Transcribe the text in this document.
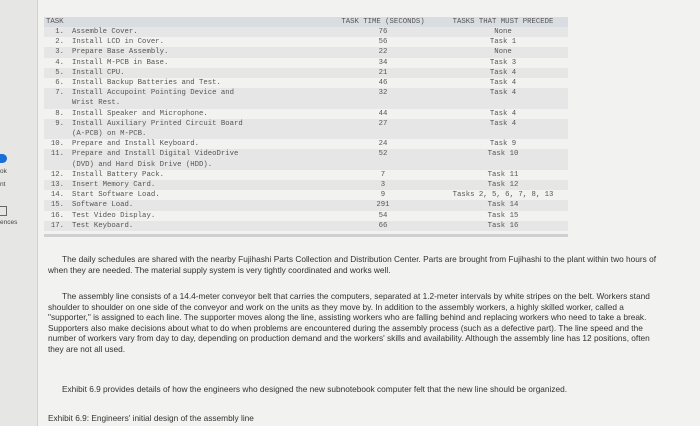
ok
nt
ences
TASK		TASK TIME (SECONDS)	TASKS THAT MUST PRECEDE
1.	Assemble Cover.	76	None
2.	Install LCD in Cover.	56	Task 1
3.	Prepare Base Assembly.	22	None
4.	Install M-PCB in Base.	34	Task 3
5.	Install CPU.	21	Task 4
6.	Install Backup Batteries and Test.	46	Task 4
7.	Install Accupoint Pointing Device and
Wrist Rest.	32	Task 4
8.	Install Speaker and Microphone.	44	Task 4
9.	Install Auxiliary Printed Circuit Board
(A-PCB) on M-PCB.	27	Task 4
10.	Prepare and Install Keyboard.	24	Task 9
11.	Prepare and Install Digital VideoDrive
(DVD) and Hard Disk Drive (HDD).	52	Task 10
12.	Install Battery Pack.	7	Task 11
13.	Insert Memory Card.	3	Task 12
14.	Start Software Load.	9	Tasks 2, 5, 6, 7, 8, 13
15.	Software Load.	291	Task 14
16.	Test Video Display.	54	Task 15
17.	Test Keyboard.	66	Task 16

The daily schedules are shared with the nearby Fujihashi Parts Collection and Distribution Center. Parts are brought from Fujihashi to the plant within two hours of when they are needed. The material supply system is very tightly coordinated and works well.

The assembly line consists of a 14.4-meter conveyor belt that carries the computers, separated at 1.2-meter intervals by white stripes on the belt. Workers stand shoulder to shoulder on one side of the conveyor and work on the units as they move by. In addition to the assembly workers, a highly skilled worker, called a "supporter," is assigned to each line. The supporter moves along the line, assisting workers who are falling behind and replacing workers who need to take a break. Supporters also make decisions about what to do when problems are encountered during the assembly process (such as a defective part). The line speed and the number of workers vary from day to day, depending on production demand and the workers' skills and availability. Although the assembly line has 12 positions, often they are not all used.

Exhibit 6.9 provides details of how the engineers who designed the new subnotebook computer felt that the new line should be organized.

Exhibit 6.9: Engineers' initial design of the assembly line
